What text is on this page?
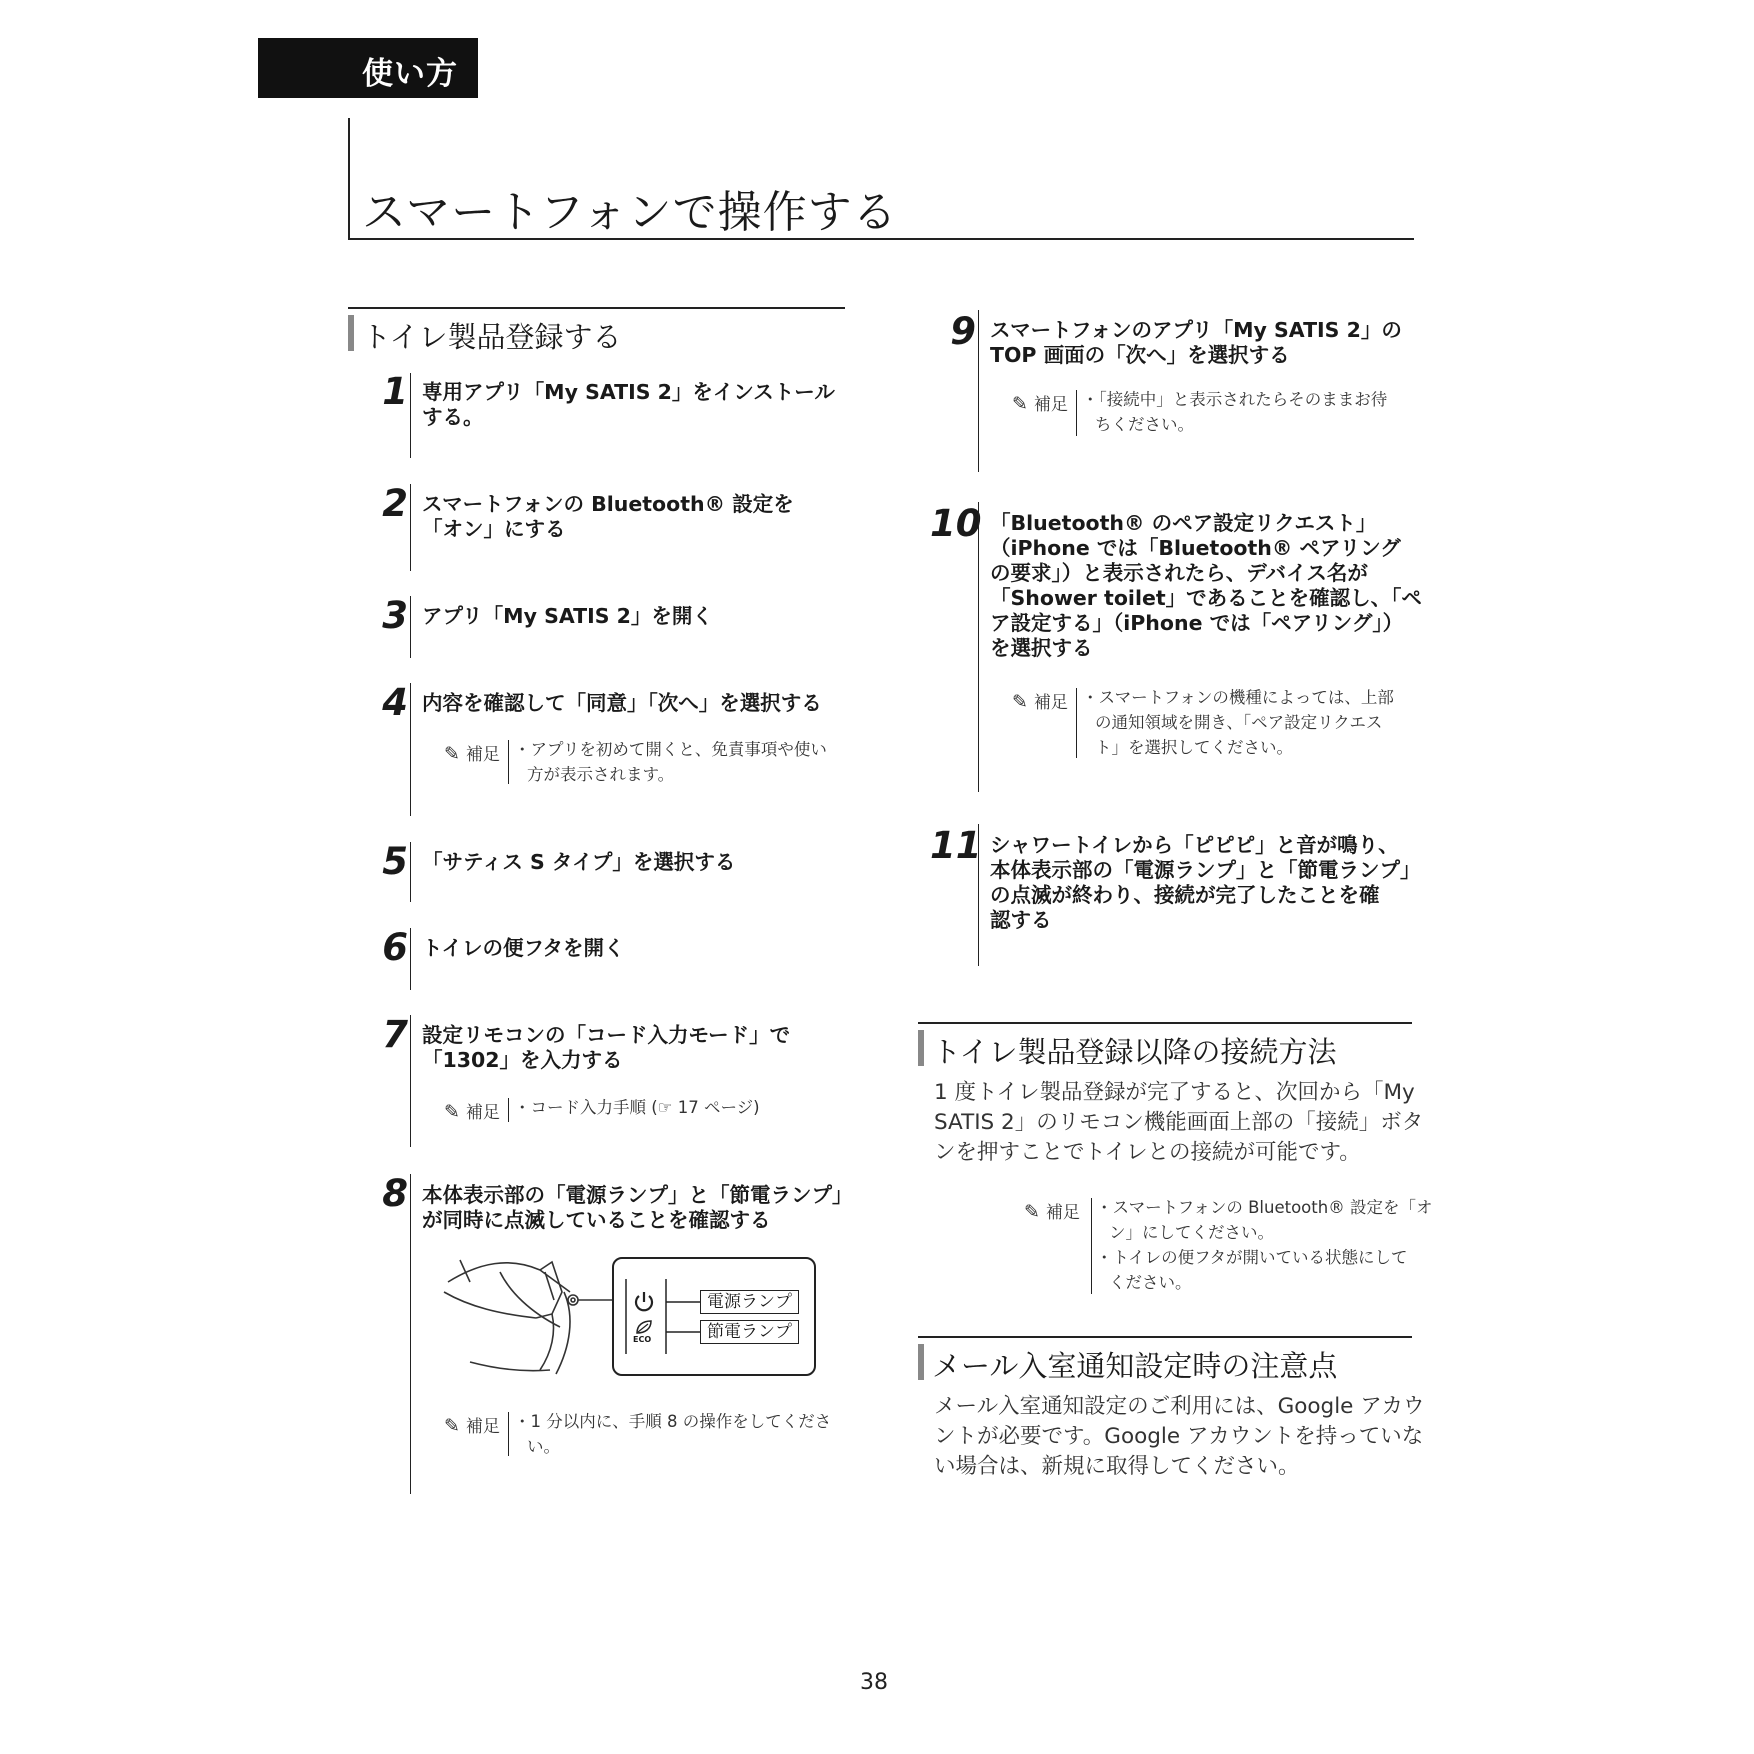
使い方
スマートフォンで操作する
トイレ製品登録する
1 専用アプリ「My SATIS 2」をインストール
する。
2 スマートフォンの Bluetooth® 設定を
「オン」にする
3 アプリ「My SATIS 2」を開く
4 内容を確認して「同意」「次へ」を選択する
✎ 補足 ・アプリを初めて開くと、免責事項や使い
方が表示されます。
5 「サティス S タイプ」を選択する
6 トイレの便フタを開く
7 設定リモコンの「コード入力モード」で
「1302」を入力する
✎ 補足 ・コード入力手順 (☞ 17 ページ)
8 本体表示部の「電源ランプ」と「節電ランプ」
が同時に点滅していることを確認する
ECO
電源ランプ
節電ランプ
✎ 補足 ・1 分以内に、手順 8 の操作をしてくださ
い。
9 スマートフォンのアプリ「My SATIS 2」の
TOP 画面の「次へ」を選択する
✎ 補足 ・「接続中」と表示されたらそのままお待
ちください。
10 「Bluetooth® のペア設定リクエスト」
（iPhone では「Bluetooth® ペアリング
の要求」）と表示されたら、デバイス名が
「Shower toilet」であることを確認し、「ペ
ア設定する」（iPhone では「ペアリング」）
を選択する
✎ 補足 ・スマートフォンの機種によっては、上部
の通知領域を開き、「ペア設定リクエス
ト」を選択してください。
11 シャワートイレから「ピピピ」と音が鳴り、
本体表示部の「電源ランプ」と「節電ランプ」
の点滅が終わり、接続が完了したことを確
認する
トイレ製品登録以降の接続方法
1 度トイレ製品登録が完了すると、次回から「My
SATIS 2」のリモコン機能画面上部の「接続」ボタ
ンを押すことでトイレとの接続が可能です。
✎ 補足 ・スマートフォンの Bluetooth® 設定を「オ
ン」にしてください。
・トイレの便フタが開いている状態にして
ください。
メール入室通知設定時の注意点
メール入室通知設定のご利用には、Google アカウ
ントが必要です。Google アカウントを持っていな
い場合は、新規に取得してください。
38
